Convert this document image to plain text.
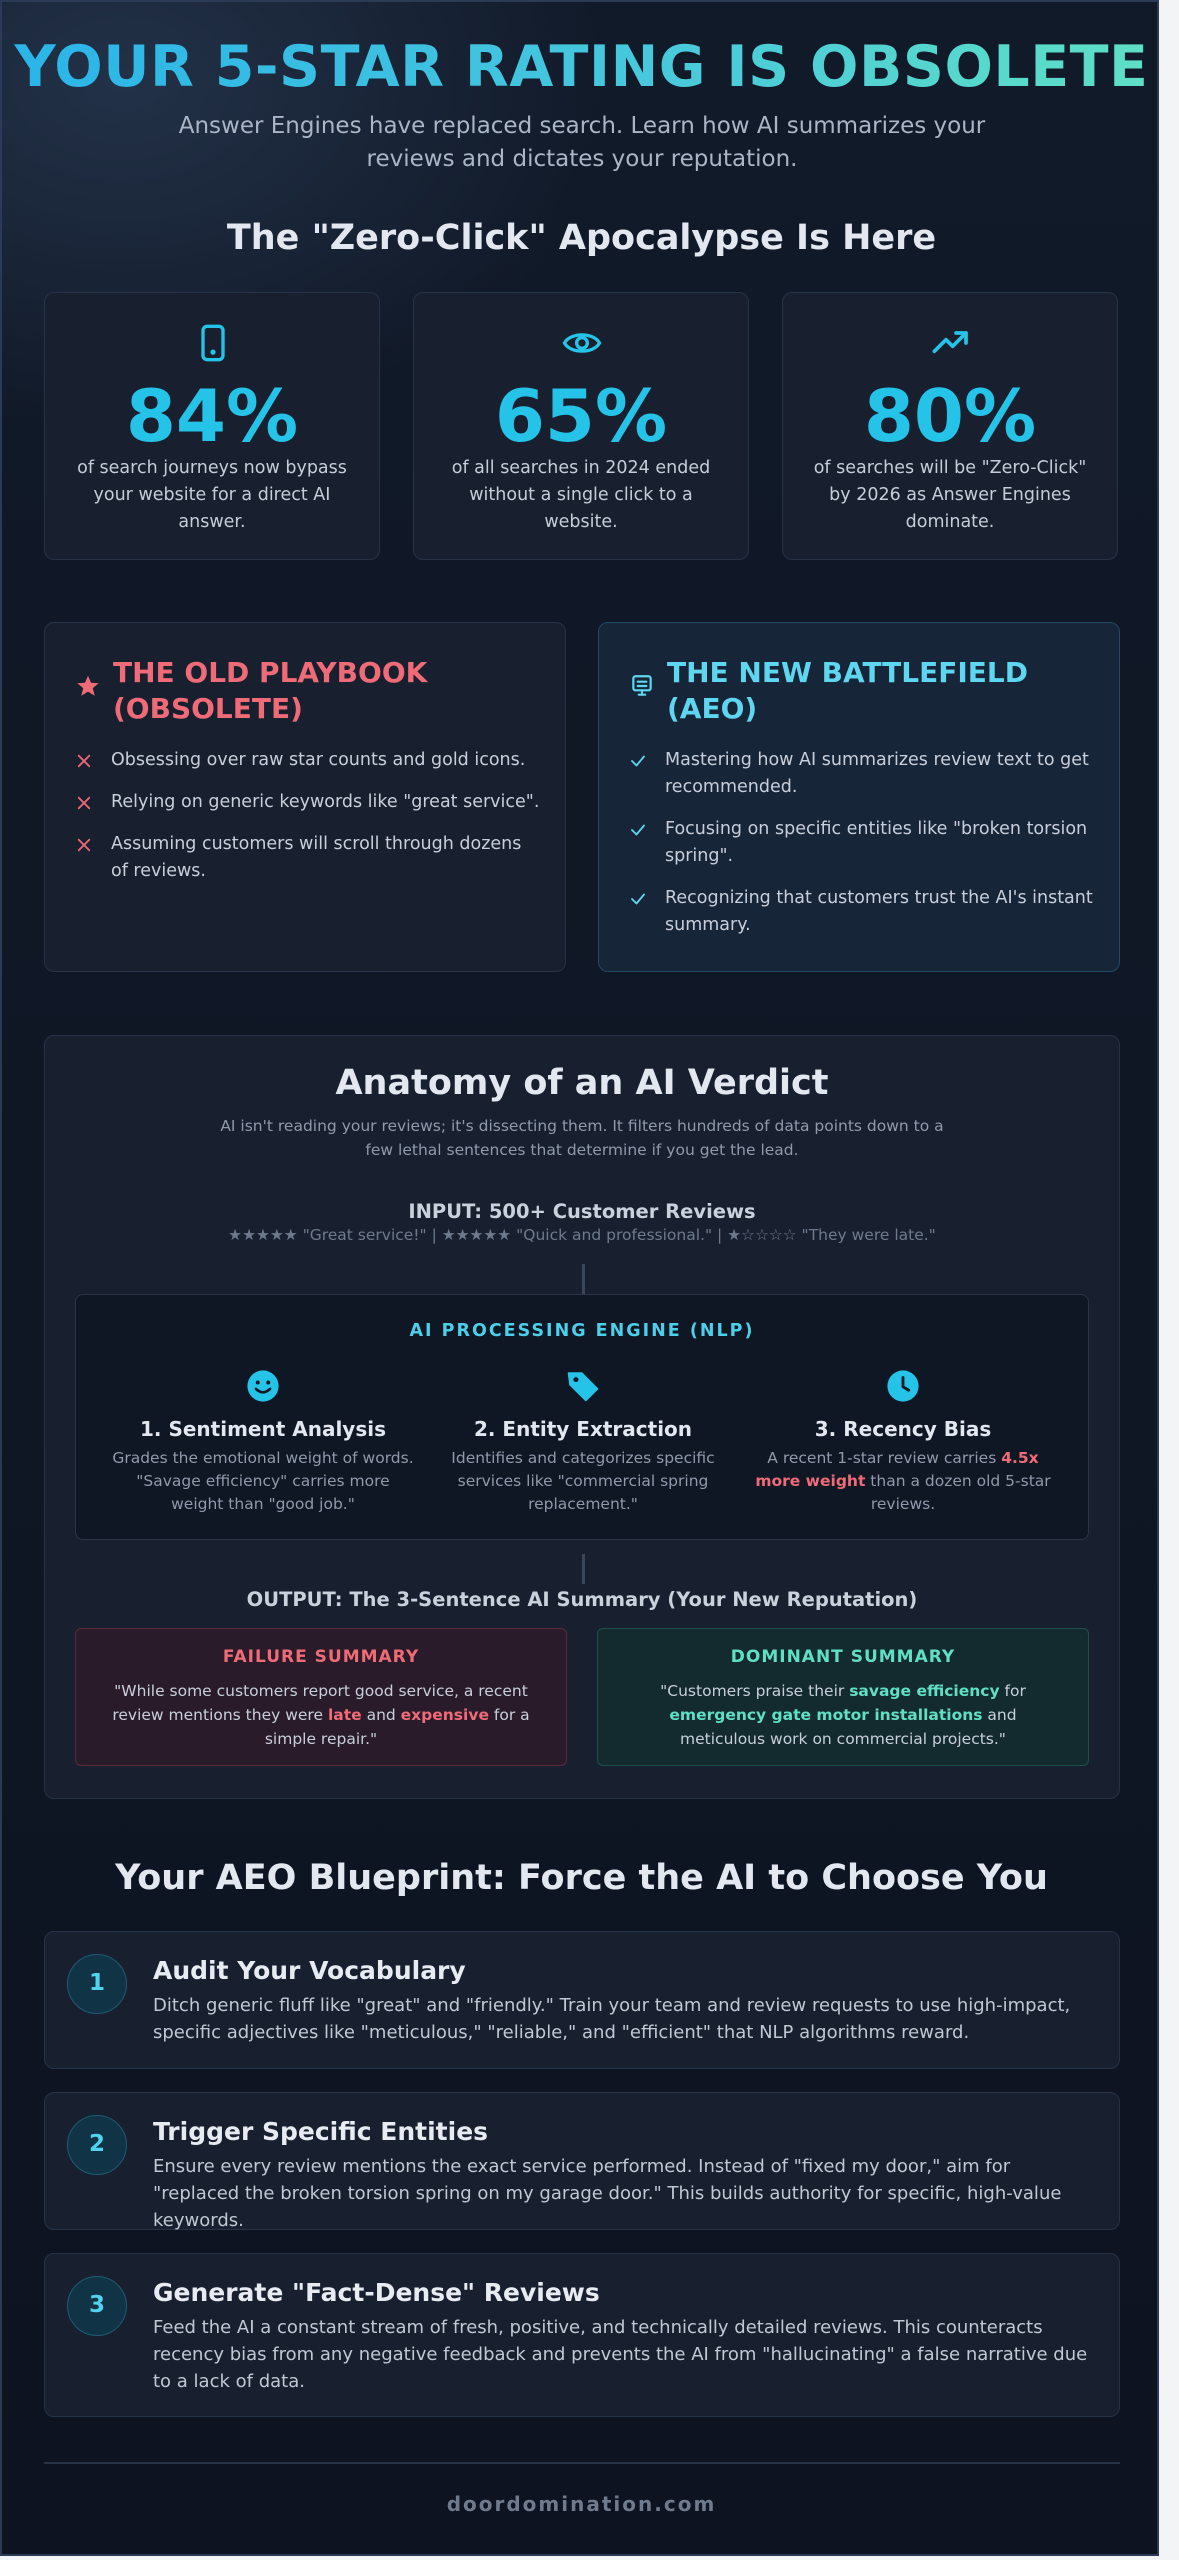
YOUR 5-STAR RATING IS OBSOLETE

Answer Engines have replaced search. Learn how AI summarizes your reviews and dictates your reputation.

The "Zero-Click" Apocalypse Is Here
84%
of search journeys now bypass your website for a direct AI answer.
65%
of all searches in 2024 ended without a single click to a website.
80%
of searches will be "Zero-Click" by 2026 as Answer Engines dominate.
THE OLD PLAYBOOK (OBSOLETE)
Obsessing over raw star counts and gold icons.
Relying on generic keywords like "great service".
Assuming customers will scroll through dozens of reviews.
THE NEW BATTLEFIELD (AEO)
Mastering how AI summarizes review text to get recommended.
Focusing on specific entities like "broken torsion spring".
Recognizing that customers trust the AI's instant summary.
Anatomy of an AI Verdict
AI isn't reading your reviews; it's dissecting them. It filters hundreds of data points down to a few lethal sentences that determine if you get the lead.
INPUT: 500+ Customer Reviews
★★★★★ "Great service!" | ★★★★★ "Quick and professional." | ★☆☆☆☆ "They were late."
AI PROCESSING ENGINE (NLP)
1. Sentiment Analysis
Grades the emotional weight of words. "Savage efficiency" carries more weight than "good job."
2. Entity Extraction
Identifies and categorizes specific services like "commercial spring replacement."
3. Recency Bias
A recent 1-star review carries 4.5x more weight than a dozen old 5-star reviews.
OUTPUT: The 3-Sentence AI Summary (Your New Reputation)
FAILURE SUMMARY
"While some customers report good service, a recent review mentions they were late and expensive for a simple repair."
DOMINANT SUMMARY
"Customers praise their savage efficiency for emergency gate motor installations and meticulous work on commercial projects."
Your AEO Blueprint: Force the AI to Choose You
1	Audit Your Vocabulary
Ditch generic fluff like "great" and "friendly." Train your team and review requests to use high-impact, specific adjectives like "meticulous," "reliable," and "efficient" that NLP algorithms reward.
2	Trigger Specific Entities
Ensure every review mentions the exact service performed. Instead of "fixed my door," aim for "replaced the broken torsion spring on my garage door." This builds authority for specific, high-value keywords.
3	Generate "Fact-Dense" Reviews
Feed the AI a constant stream of fresh, positive, and technically detailed reviews. This counteracts recency bias from any negative feedback and prevents the AI from "hallucinating" a false narrative due to a lack of data.
doordomination.com
